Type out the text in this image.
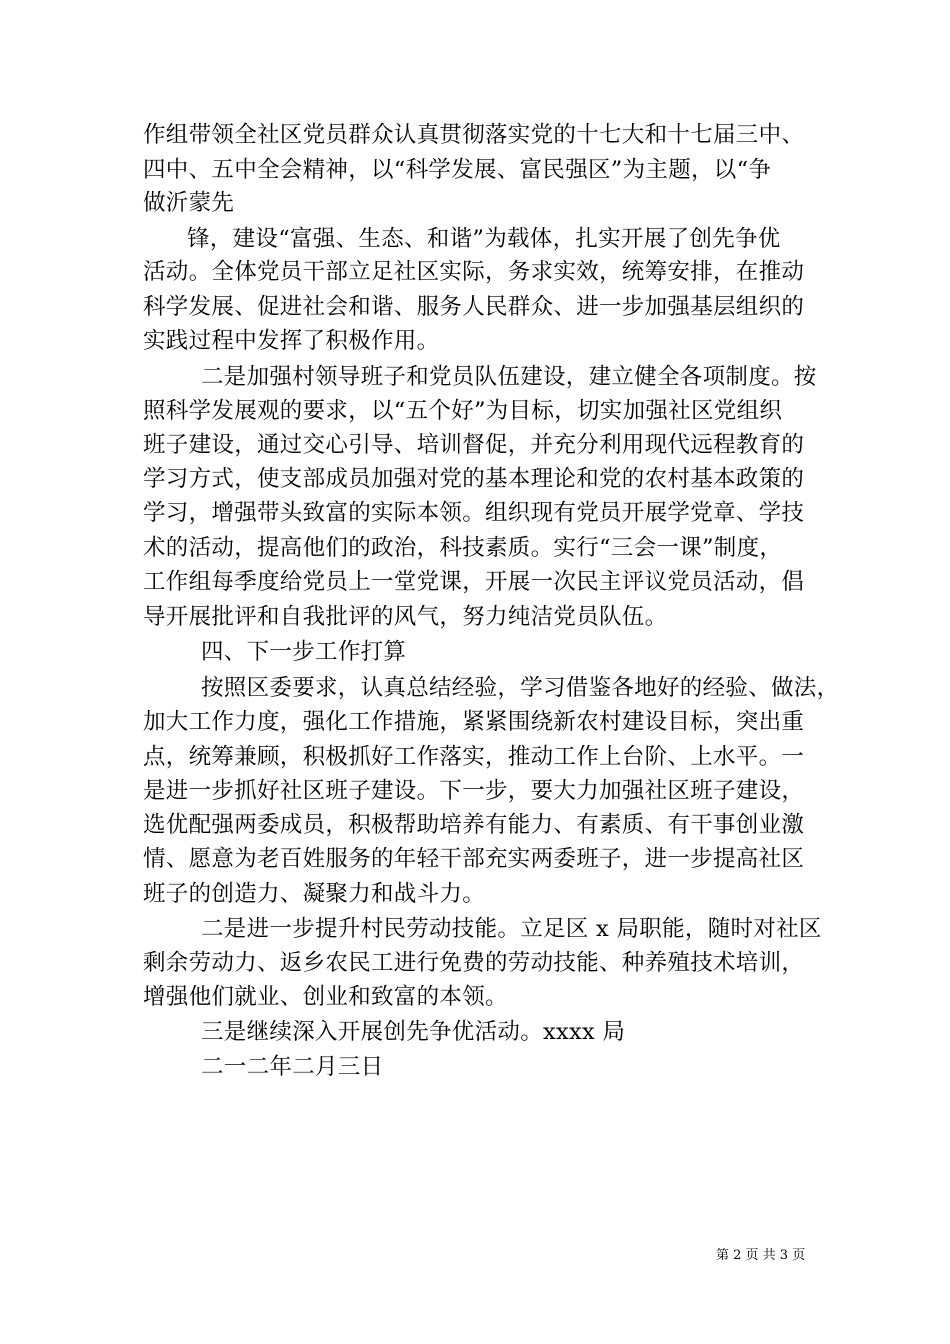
作组带领全社区党员群众认真贯彻落实党的十七大和十七届三中、
四中、五中全会精神，以“科学发展、富民强区”为主题，以“争
做沂蒙先
锋，建设“富强、生态、和谐”为载体，扎实开展了创先争优
活动。全体党员干部立足社区实际，务求实效，统筹安排，在推动
科学发展、促进社会和谐、服务人民群众、进一步加强基层组织的
实践过程中发挥了积极作用。
二是加强村领导班子和党员队伍建设，建立健全各项制度。按
照科学发展观的要求，以“五个好”为目标，切实加强社区党组织
班子建设，通过交心引导、培训督促，并充分利用现代远程教育的
学习方式，使支部成员加强对党的基本理论和党的农村基本政策的
学习，增强带头致富的实际本领。组织现有党员开展学党章、学技
术的活动，提高他们的政治，科技素质。实行“三会一课”制度，
工作组每季度给党员上一堂党课，开展一次民主评议党员活动，倡
导开展批评和自我批评的风气，努力纯洁党员队伍。
四、下一步工作打算
按照区委要求，认真总结经验，学习借鉴各地好的经验、做法，
加大工作力度，强化工作措施，紧紧围绕新农村建设目标，突出重
点，统筹兼顾，积极抓好工作落实，推动工作上台阶、上水平。一
是进一步抓好社区班子建设。下一步，要大力加强社区班子建设，
选优配强两委成员，积极帮助培养有能力、有素质、有干事创业激
情、愿意为老百姓服务的年轻干部充实两委班子，进一步提高社区
班子的创造力、凝聚力和战斗力。
二是进一步提升村民劳动技能。立足区 x 局职能，随时对社区
剩余劳动力、返乡农民工进行免费的劳动技能、种养殖技术培训，
增强他们就业、创业和致富的本领。
三是继续深入开展创先争优活动。xxxx 局
二一二年二月三日
第 2 页 共 3 页
